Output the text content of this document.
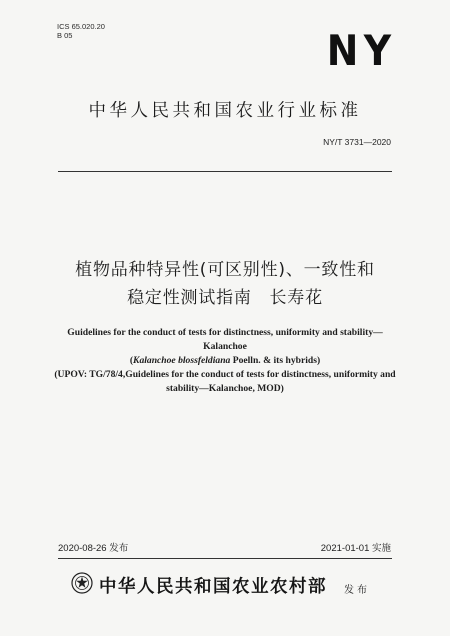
ICS 65.020.20
B 05	NY
中华人民共和国农业行业标准
NY/T 3731—2020
植物品种特异性(可区别性)、一致性和
稳定性测试指南　长寿花
Guidelines for the conduct of tests for distinctness, uniformity and stability—
Kalanchoe
(Kalanchoe blossfeldiana Poelln. & its hybrids)
(UPOV: TG/78/4,Guidelines for the conduct of tests for distinctness, uniformity and
stability—Kalanchoe, MOD)
2020-08-26 发布	2021-01-01 实施
中华人民共和国农业农村部 发布
